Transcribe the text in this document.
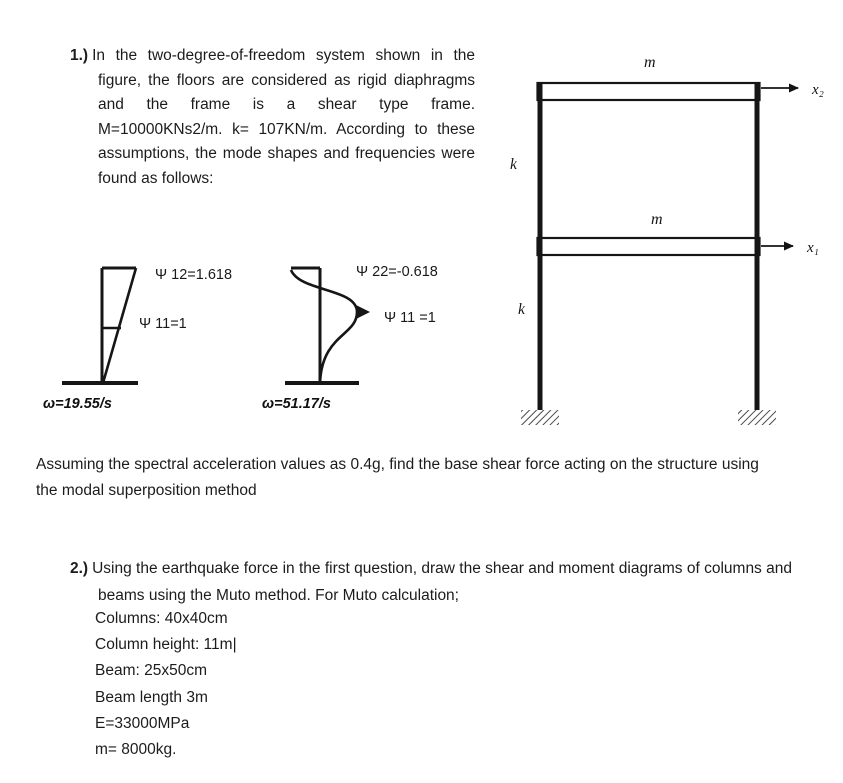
1.) In the two-degree-of-freedom system shown in the figure, the floors are considered as rigid diaphragms and the frame is a shear type frame. M=10000KNs2/m. k= 107KN/m. According to these assumptions, the mode shapes and frequencies were found as follows:
x₂
x₁
m
m
k
k
Ψ 12=1.618
Ψ 11=1
ω=19.55/s
Ψ 22=-0.618
Ψ 11 =1
ω=51.17/s
Assuming the spectral acceleration values as 0.4g, find the base shear force acting on the structure using the modal superposition method
2.) Using the earthquake force in the first question, draw the shear and moment diagrams of columns and beams using the Muto method. For Muto calculation;
Columns: 40x40cm
Column height: 11m|
Beam: 25x50cm
Beam length 3m
E=33000MPa
m= 8000kg.
